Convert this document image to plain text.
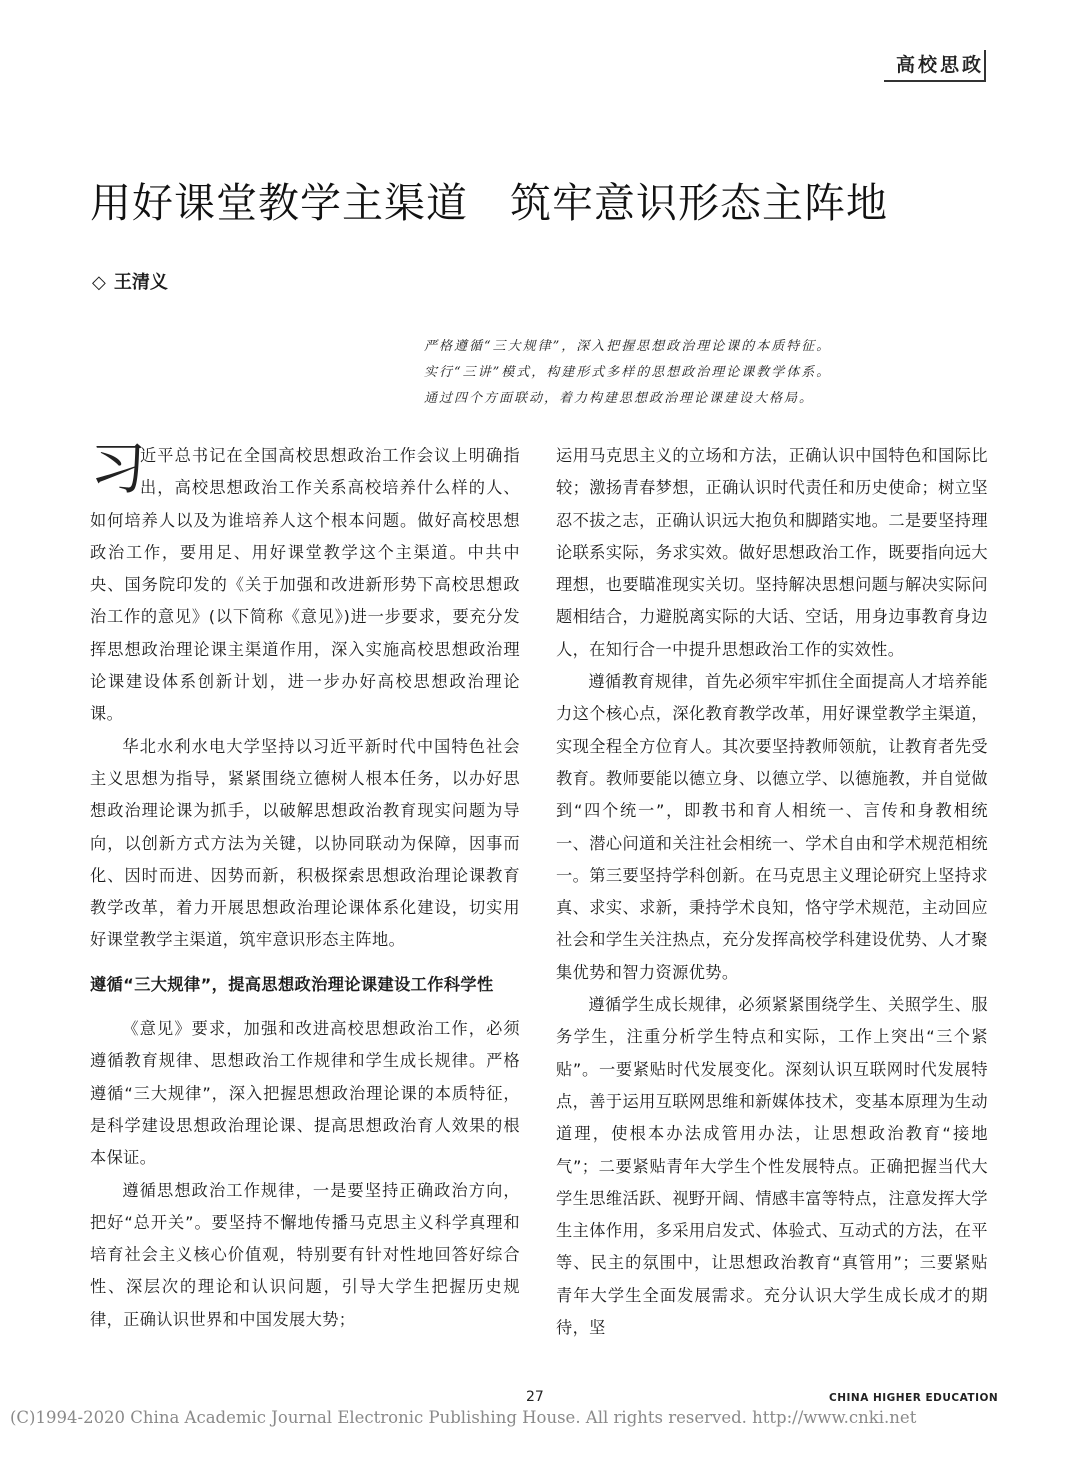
高校思政
用好课堂教学主渠道　筑牢意识形态主阵地
◇ 王清义
严格遵循“三大规律”，深入把握思想政治理论课的本质特征。
实行“三讲”模式，构建形式多样的思想政治理论课教学体系。
通过四个方面联动，着力构建思想政治理论课建设大格局。

习
近平总书记在全国高校思想政治工作会议上明确指出，高校思想政治工作关系高校培养什么样的人、如何培养人以及为谁培养人这个根本问题。做好高校思想政治工作，要用足、用好课堂教学这个主渠道。中共中央、国务院印发的《关于加强和改进新形势下高校思想政治工作的意见》(以下简称《意见》)进一步要求，要充分发挥思想政治理论课主渠道作用，深入实施高校思想政治理论课建设体系创新计划，进一步办好高校思想政治理论课。

华北水利水电大学坚持以习近平新时代中国特色社会主义思想为指导，紧紧围绕立德树人根本任务，以办好思想政治理论课为抓手，以破解思想政治教育现实问题为导向，以创新方式方法为关键，以协同联动为保障，因事而化、因时而进、因势而新，积极探索思想政治理论课教育教学改革，着力开展思想政治理论课体系化建设，切实用好课堂教学主渠道，筑牢意识形态主阵地。

遵循“三大规律”，提高思想政治理论课建设工作科学性

《意见》要求，加强和改进高校思想政治工作，必须遵循教育规律、思想政治工作规律和学生成长规律。严格遵循“三大规律”，深入把握思想政治理论课的本质特征，是科学建设思想政治理论课、提高思想政治育人效果的根本保证。

遵循思想政治工作规律，一是要坚持正确政治方向，把好“总开关”。要坚持不懈地传播马克思主义科学真理和培育社会主义核心价值观，特别要有针对性地回答好综合性、深层次的理论和认识问题，引导大学生把握历史规律，正确认识世界和中国发展大势；

运用马克思主义的立场和方法，正确认识中国特色和国际比较；激扬青春梦想，正确认识时代责任和历史使命；树立坚忍不拔之志，正确认识远大抱负和脚踏实地。二是要坚持理论联系实际，务求实效。做好思想政治工作，既要指向远大理想，也要瞄准现实关切。坚持解决思想问题与解决实际问题相结合，力避脱离实际的大话、空话，用身边事教育身边人，在知行合一中提升思想政治工作的实效性。

遵循教育规律，首先必须牢牢抓住全面提高人才培养能力这个核心点，深化教育教学改革，用好课堂教学主渠道，实现全程全方位育人。其次要坚持教师领航，让教育者先受教育。教师要能以德立身、以德立学、以德施教，并自觉做到“四个统一”，即教书和育人相统一、言传和身教相统一、潜心问道和关注社会相统一、学术自由和学术规范相统一。第三要坚持学科创新。在马克思主义理论研究上坚持求真、求实、求新，秉持学术良知，恪守学术规范，主动回应社会和学生关注热点，充分发挥高校学科建设优势、人才聚集优势和智力资源优势。

遵循学生成长规律，必须紧紧围绕学生、关照学生、服务学生，注重分析学生特点和实际，工作上突出“三个紧贴”。一要紧贴时代发展变化。深刻认识互联网时代发展特点，善于运用互联网思维和新媒体技术，变基本原理为生动道理，使根本办法成管用办法，让思想政治教育“接地气”；二要紧贴青年大学生个性发展特点。正确把握当代大学生思维活跃、视野开阔、情感丰富等特点，注意发挥大学生主体作用，多采用启发式、体验式、互动式的方法，在平等、民主的氛围中，让思想政治教育“真管用”；三要紧贴青年大学生全面发展需求。充分认识大学生成长成才的期待，坚

27	CHINA HIGHER EDUCATION
(C)1994-2020 China Academic Journal Electronic Publishing House. All rights reserved. http://www.cnki.net
